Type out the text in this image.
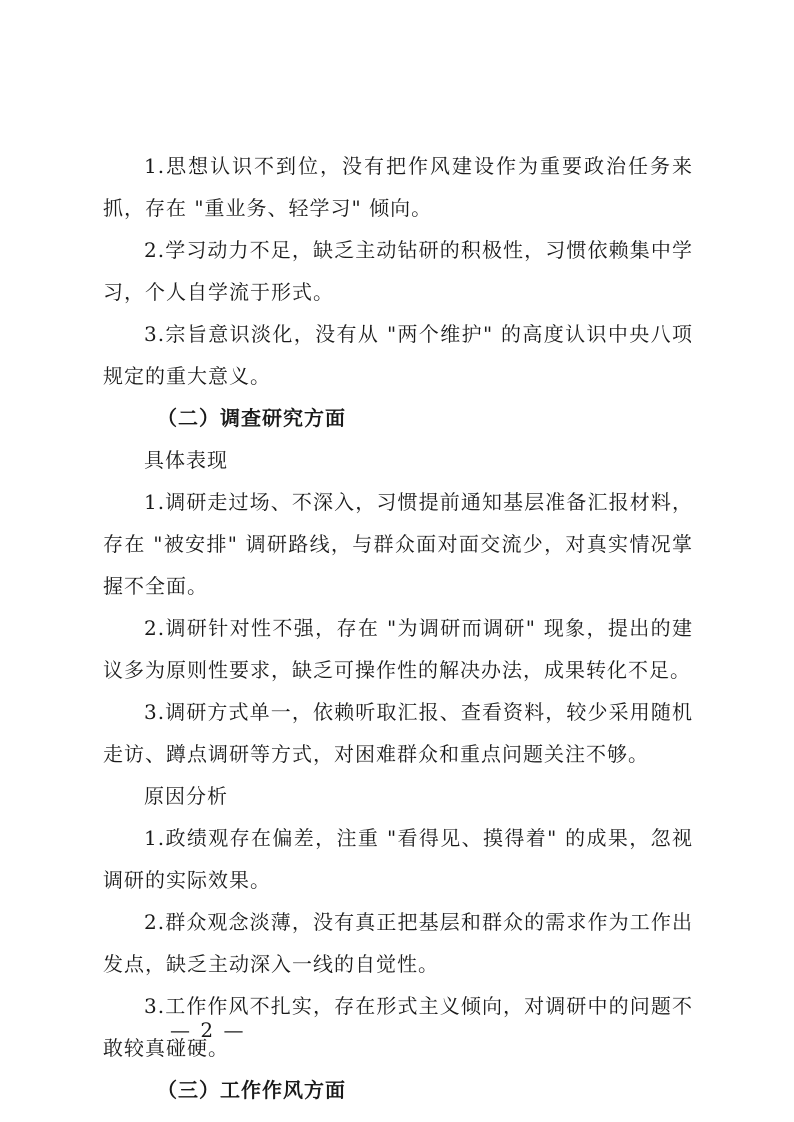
1.思想认识不到位，没有把作风建设作为重要政治任务来抓，存在 "重业务、轻学习" 倾向。

2.学习动力不足，缺乏主动钻研的积极性，习惯依赖集中学习，个人自学流于形式。

3.宗旨意识淡化，没有从 "两个维护" 的高度认识中央八项规定的重大意义。

（二）调查研究方面

具体表现

1.调研走过场、不深入，习惯提前通知基层准备汇报材料，存在 "被安排" 调研路线，与群众面对面交流少，对真实情况掌握不全面。

2.调研针对性不强，存在 "为调研而调研" 现象，提出的建议多为原则性要求，缺乏可操作性的解决办法，成果转化不足。

3.调研方式单一，依赖听取汇报、查看资料，较少采用随机走访、蹲点调研等方式，对困难群众和重点问题关注不够。

原因分析

1.政绩观存在偏差，注重 "看得见、摸得着" 的成果，忽视调研的实际效果。

2.群众观念淡薄，没有真正把基层和群众的需求作为工作出发点，缺乏主动深入一线的自觉性。

3.工作作风不扎实，存在形式主义倾向，对调研中的问题不敢较真碰硬。

（三）工作作风方面

— 2 —
